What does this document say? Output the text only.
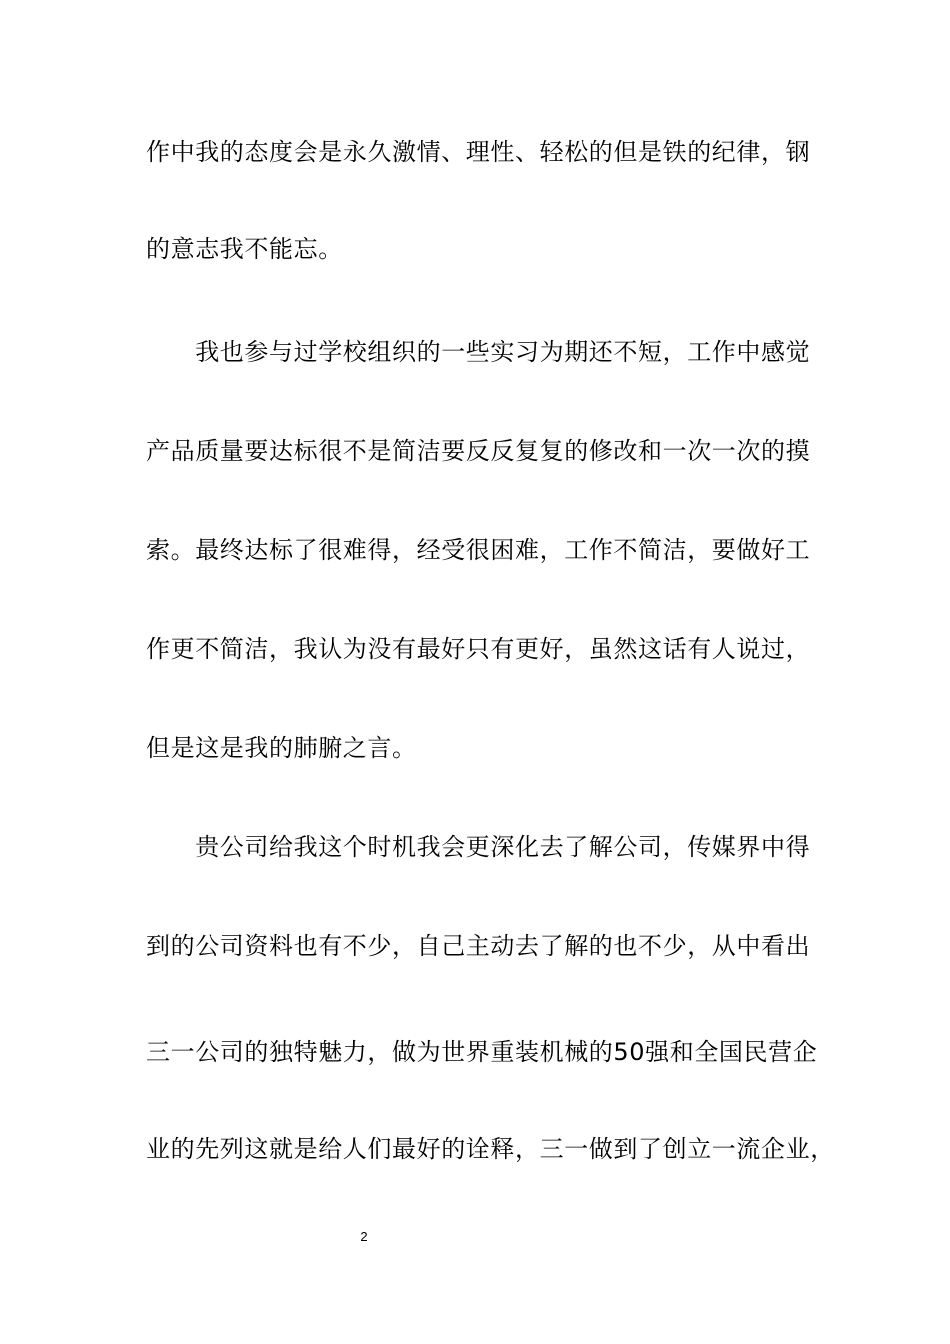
作中我的态度会是永久激情、理性、轻松的但是铁的纪律，钢
的意志我不能忘。
　　我也参与过学校组织的一些实习为期还不短，工作中感觉
产品质量要达标很不是简洁要反反复复的修改和一次一次的摸
索。最终达标了很难得，经受很困难，工作不简洁，要做好工
作更不简洁，我认为没有最好只有更好，虽然这话有人说过，
但是这是我的肺腑之言。
　　贵公司给我这个时机我会更深化去了解公司，传媒界中得
到的公司资料也有不少，自己主动去了解的也不少，从中看出
三一公司的独特魅力，做为世界重装机械的50强和全国民营企
业的先列这就是给人们最好的诠释，三一做到了创立一流企业，
2
